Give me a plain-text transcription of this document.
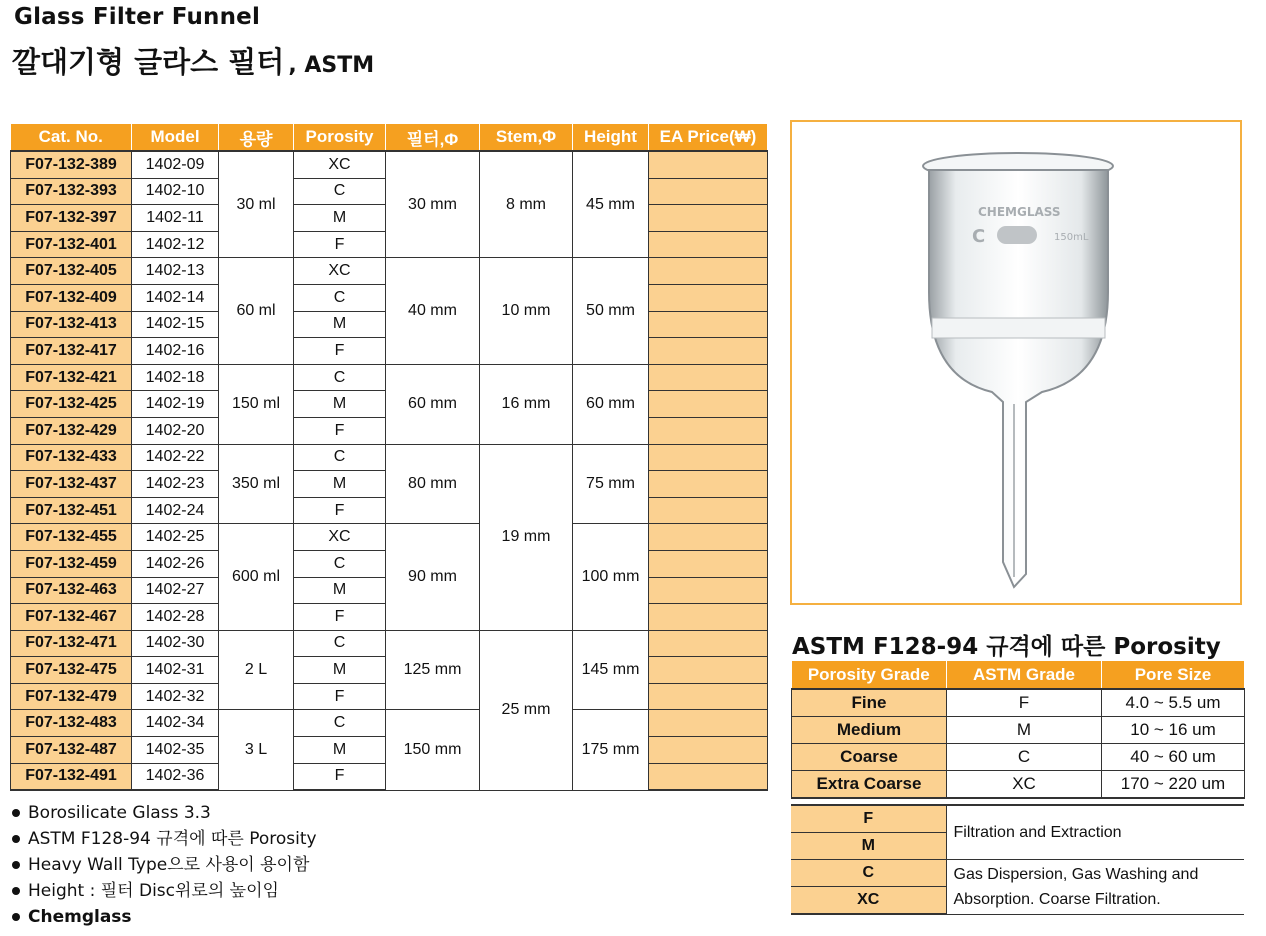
Glass Filter Funnel
깔대기형 글라스 필터 , ASTM
Cat. No.	Model	용량	Porosity	필터,Φ	Stem,Φ	Height	EA Price(₩)
F07-132-389	1402-09	30 ml	XC	30 mm	8 mm	45 mm	
F07-132-393	1402-10		C				
F07-132-397	1402-11		M				
F07-132-401	1402-12		F				
F07-132-405	1402-13	60 ml	XC	40 mm	10 mm	50 mm	
F07-132-409	1402-14		C				
F07-132-413	1402-15		M				
F07-132-417	1402-16		F				
F07-132-421	1402-18	150 ml	C	60 mm	16 mm	60 mm	
F07-132-425	1402-19		M				
F07-132-429	1402-20		F				
F07-132-433	1402-22	350 ml	C	80 mm	19 mm	75 mm	
F07-132-437	1402-23		M				
F07-132-451	1402-24		F				
F07-132-455	1402-25	600 ml	XC	90 mm		100 mm	
F07-132-459	1402-26		C				
F07-132-463	1402-27		M				
F07-132-467	1402-28		F				
F07-132-471	1402-30	2 L	C	125 mm	25 mm	145 mm	
F07-132-475	1402-31		M				
F07-132-479	1402-32		F				
F07-132-483	1402-34	3 L	C	150 mm		175 mm	
F07-132-487	1402-35		M				
F07-132-491	1402-36		F				
CHEMGLASS
C	150mL
ASTM F128-94 규격에 따른 Porosity
Porosity Grade	ASTM Grade	Pore Size
Fine	F	4.0 ~ 5.5 um
Medium	M	10 ~ 16 um
Coarse	C	40 ~ 60 um
Extra Coarse	XC	170 ~ 220 um
F	Filtration and Extraction
M	
C	Gas Dispersion, Gas Washing and Absorption. Coarse Filtration.
XC	
Borosilicate Glass 3.3
ASTM F128-94 규격에 따른 Porosity
Heavy Wall Type으로 사용이 용이함
Height : 필터 Disc위로의 높이임
Chemglass
